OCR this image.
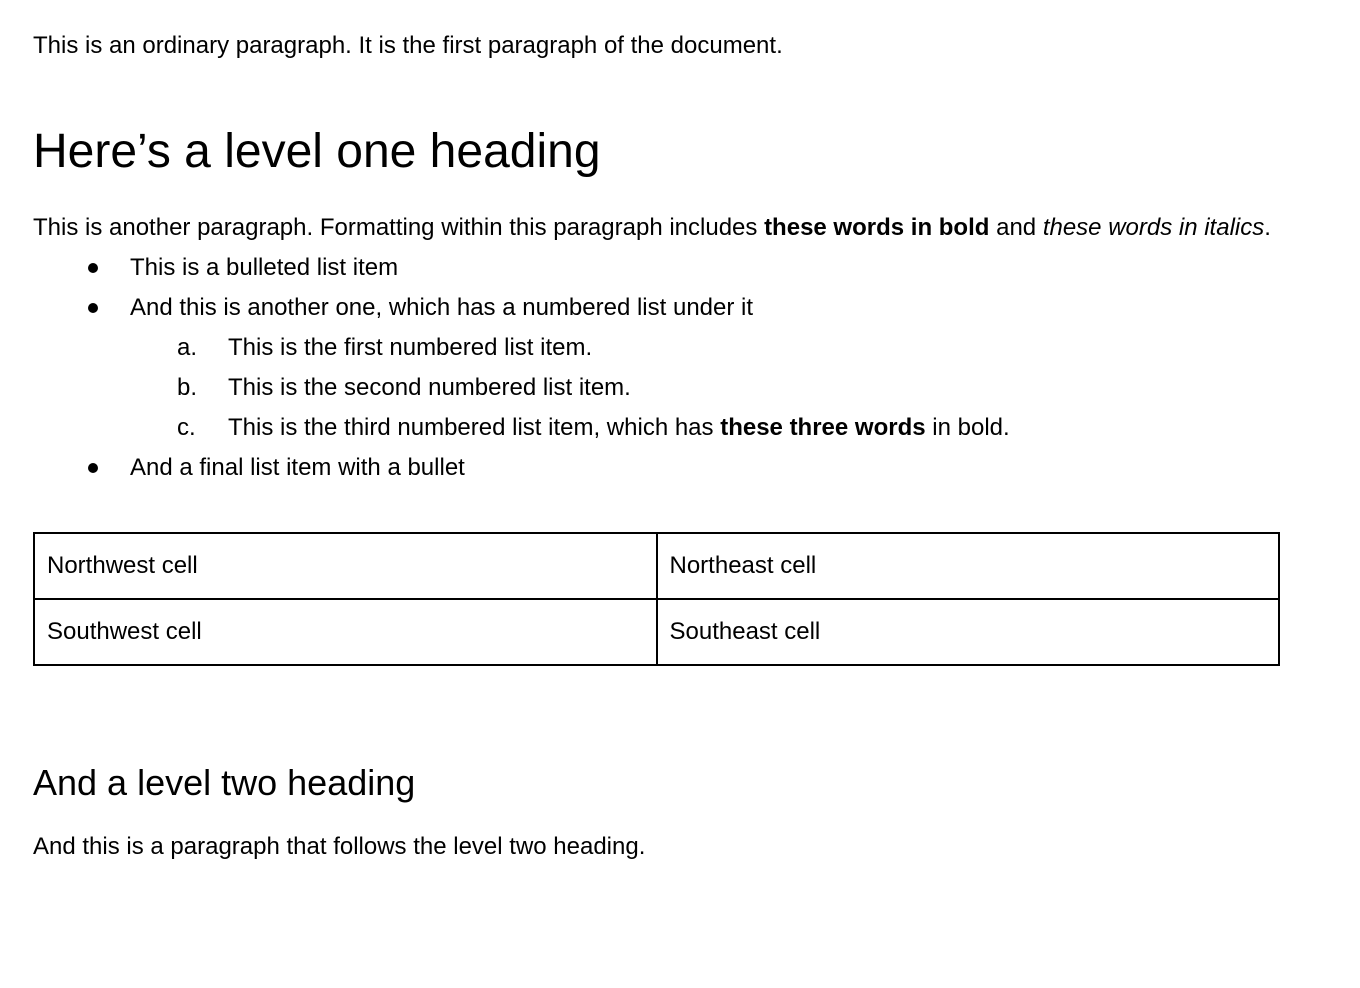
This is an ordinary paragraph. It is the first paragraph of the document.

Here’s a level one heading

This is another paragraph. Formatting within this paragraph includes these words in bold and these words in italics.

This is a bulleted list item
And this is another one, which has a numbered list under it
a. This is the first numbered list item.
b. This is the second numbered list item.
c. This is the third numbered list item, which has these three words in bold.
And a final list item with a bullet
Northwest cell	Northeast cell
Southwest cell	Southeast cell
And a level two heading

And this is a paragraph that follows the level two heading.
